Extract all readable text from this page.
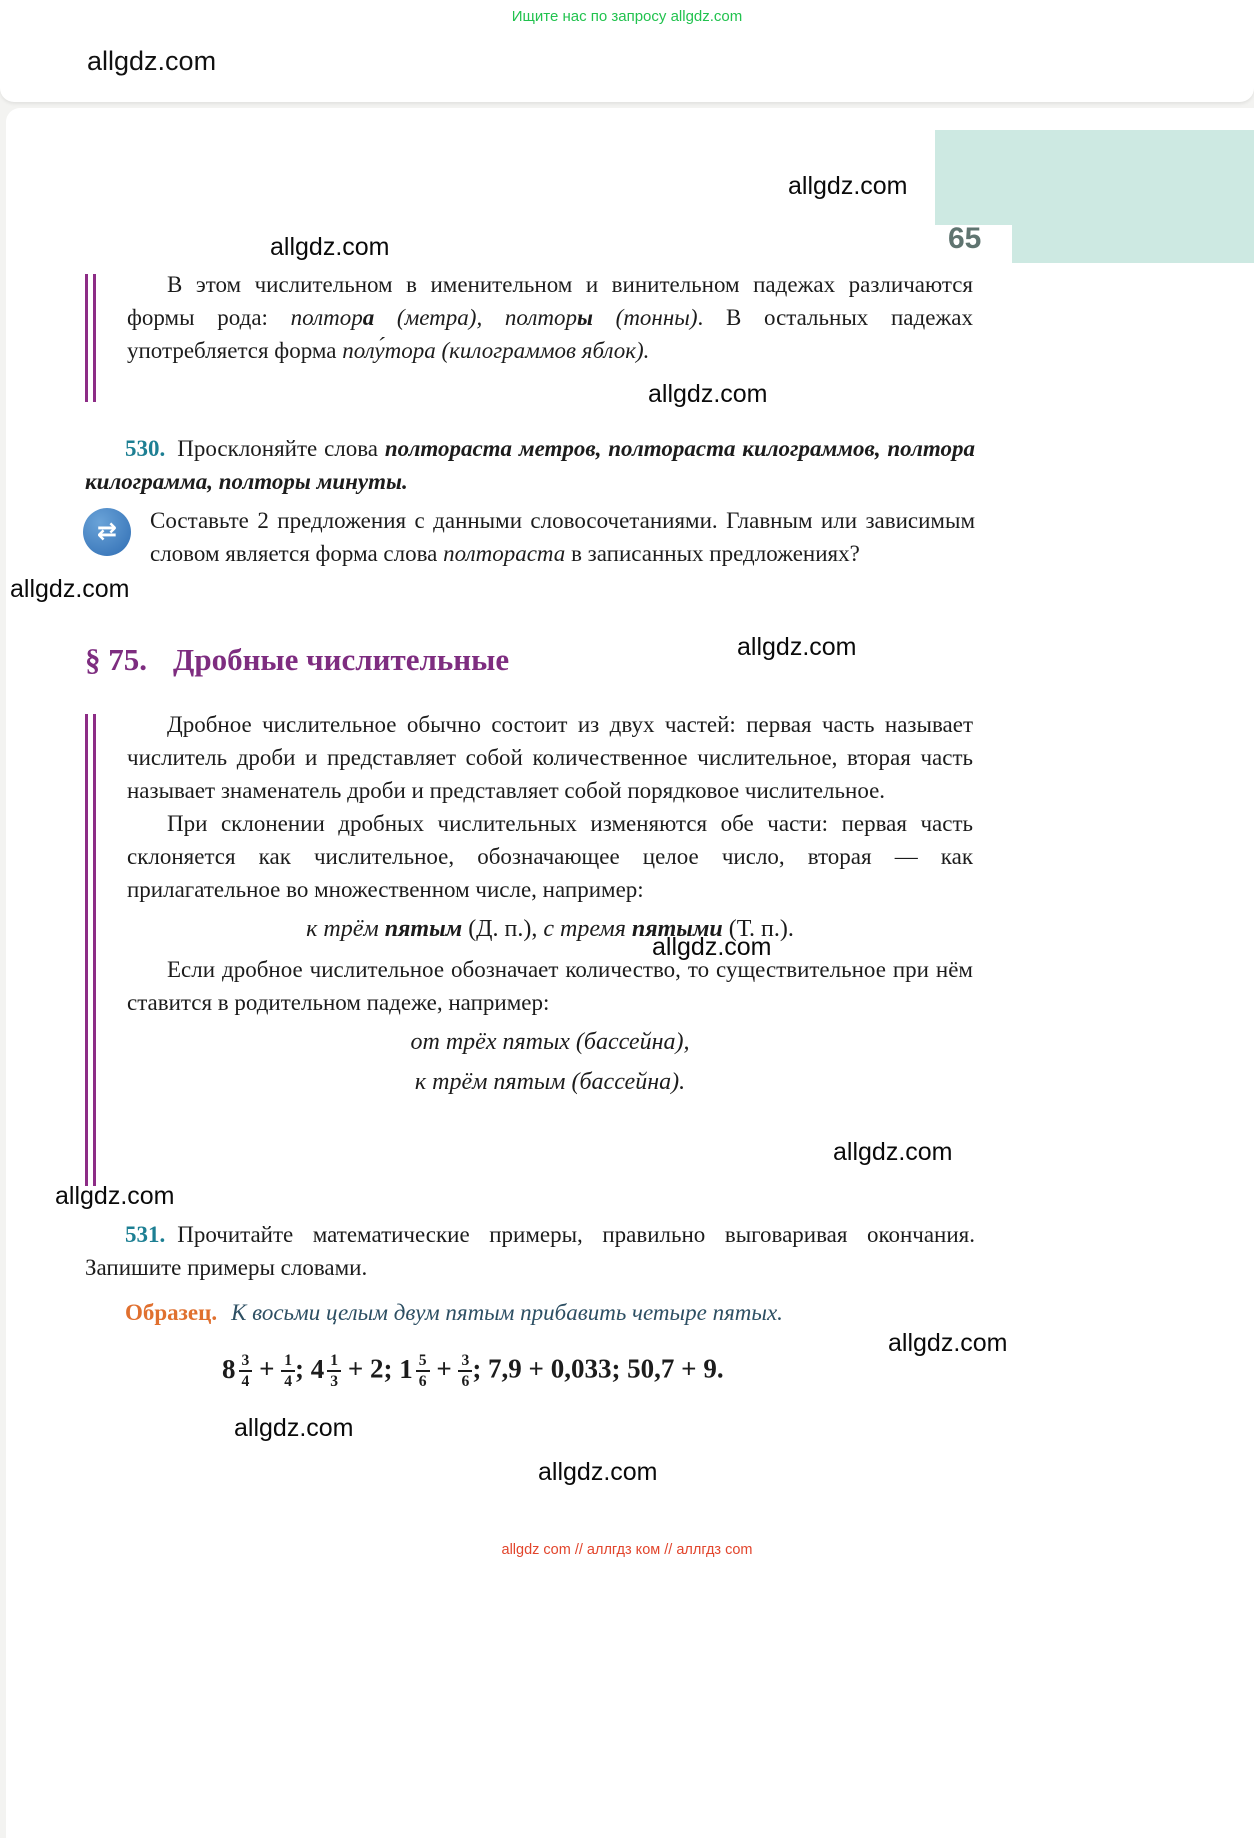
Ищите нас по запросу allgdz.com
allgdz.com
65
allgdz.com
allgdz.com
allgdz.com
allgdz.com
allgdz.com
allgdz.com
allgdz.com
allgdz.com
allgdz.com
allgdz.com
allgdz.com

В этом числительном в именительном и винительном падежах различаются формы рода: полтора (метра), полторы (тонны). В остальных падежах употребляется форма полу́тора (килограммов яблок).

530. Просклоняйте слова полтораста метров, полтораста килограммов, полтора килограмма, полторы минуты.

⇄	Составьте 2 предложения с данными словосочетаниями. Главным или зависимым словом является форма слова полтораста в записанных предложениях?

§ 75. Дробные числительные

Дробное числительное обычно состоит из двух частей: первая часть называет числитель дроби и представляет собой количественное числительное, вторая часть называет знаменатель дроби и представляет собой порядковое числительное.

При склонении дробных числительных изменяются обе части: первая часть склоняется как числительное, обозначающее целое число, вторая — как прилагательное во множественном числе, например:

к трём пятым (Д. п.), с тремя пятыми (Т. п.).

Если дробное числительное обозначает количество, то существительное при нём ставится в родительном падеже, например:

от трёх пятых (бассейна),

к трём пятым (бассейна).

531. Прочитайте математические примеры, правильно выговаривая окончания. Запишите примеры словами.

Образец. К восьми целым двум пятым прибавить четыре пятых.
$8 \frac{3}{4} + \frac{1}{4}$ ; $4 \frac{1}{3} + 2$; $1 \frac{5}{6} + \frac{3}{6}$ ; 7,9 + 0,033; 50,7 + 9.
allgdz com // аллгдз ком // аллгдз com
